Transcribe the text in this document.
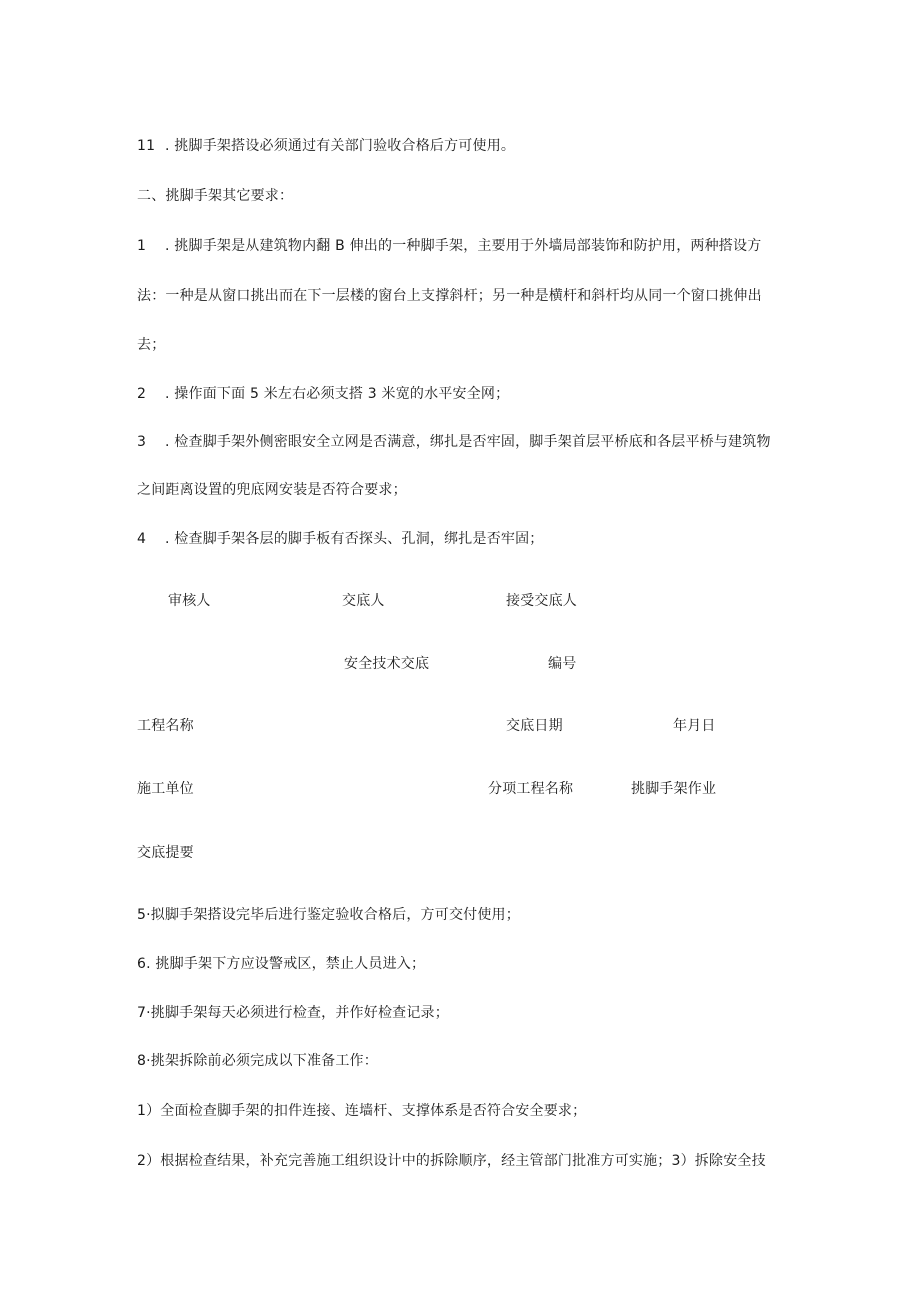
11 . 挑脚手架搭设必须通过有关部门验收合格后方可使用。
二、挑脚手架其它要求：
1 . 挑脚手架是从建筑物内翻 B 伸出的一种脚手架，主要用于外墙局部装饰和防护用，两种搭设方
法：一种是从窗口挑出而在下一层楼的窗台上支撑斜杆；另一种是横杆和斜杆均从同一个窗口挑伸出
去；
2 . 操作面下面 5 米左右必须支搭 3 米宽的水平安全网；
3 . 检查脚手架外侧密眼安全立网是否满意，绑扎是否牢固，脚手架首层平桥底和各层平桥与建筑物
之间距离设置的兜底网安装是否符合要求；
4 . 检查脚手架各层的脚手板有否探头、孔洞，绑扎是否牢固；
审核人	交底人	接受交底人
安全技术交底	编号
工程名称	交底日期	年月日
施工单位	分项工程名称	挑脚手架作业
交底提要
5·拟脚手架搭设完毕后进行鉴定验收合格后，方可交付使用；
6. 挑脚手架下方应设警戒区，禁止人员进入；
7·挑脚手架每天必须进行检查，并作好检查记录；
8·挑架拆除前必须完成以下准备工作：
1）全面检查脚手架的扣件连接、连墙杆、支撑体系是否符合安全要求；
2）根据检查结果，补充完善施工组织设计中的拆除顺序，经主管部门批准方可实施；3）拆除安全技
